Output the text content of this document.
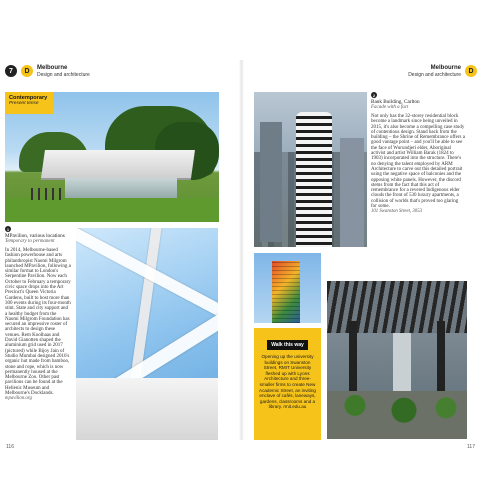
7	D	Melbourne
Design and architecture
D
Melbourne
Design and architecture
Contemporary
Present tense
1
MPavilion, various locations
Temporary to permanent
In 2014, Melbourne-based fashion powerhouse and arts philanthropist Naomi Milgrom launched MPavilion, following a similar format to London's Serpentine Pavilion. Now each October to February a temporary civic space drops into the Art Precinct's Queen Victoria Gardens, built to host more than 300 events during its four-month stint. State and city support and a healthy budget from the Naomi Milgrom Foundation has secured an impressive roster of architects to design these venues. Rem Koolhaas and David Gianotten shaped the aluminium grid used in 2017 (pictured) while Bijoy Jain of Studio Mumbai designed 2016's organic hut made from bamboo, stone and rope, which is now permanently housed at the Melbourne Zoo. Other past pavilions can be found at the Hellenic Museum and Melbourne's Docklands.
mpavilion.org
2
Bank Building, Carlton
Facade with a fact
Not only has the 32-storey residential block become a landmark since being unveiled in 2015, it's also become a compelling case study of contentious design. Stand back from the building – the Shrine of Remembrance offers a good vantage point – and you'll be able to see the face of Wurundjeri elder, Aboriginal activist and artist William Barak (1824 to 1903) incorporated into the structure. There's no denying the talent employed by ARM Architecture to carve out this detailed portrait using the negative space of balconies and the opposing white panels. However, the discord stems from the fact that this act of remembrance for a revered Indigenous elder clouds the front of 530 luxury apartments, a collision of worlds that's proved too glaring for some.
101 Swanston Street, 3053
Walk this way
Opening up the university buildings on Swanston Street, RMIT University fleshed up with Lyons Architecture and three-smaller firms to create New Academic Street, an inviting enclave of cafés, laneways, gardens, classrooms and a library. rmit.edu.au
116	117
